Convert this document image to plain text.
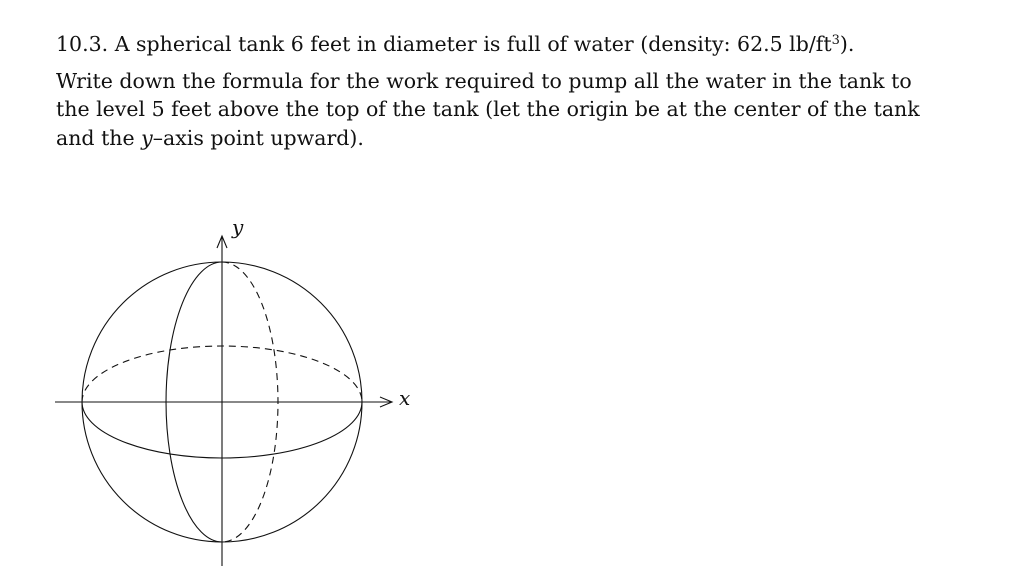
10.3. A spherical tank 6 feet in diameter is full of water (density: 62.5 $lb/ft^3$).

Write down the formula for the work required to pump all the water in the tank to the level 5 feet above the top of the tank (let the origin be at the center of the tank and the y–axis point upward).

y
x
